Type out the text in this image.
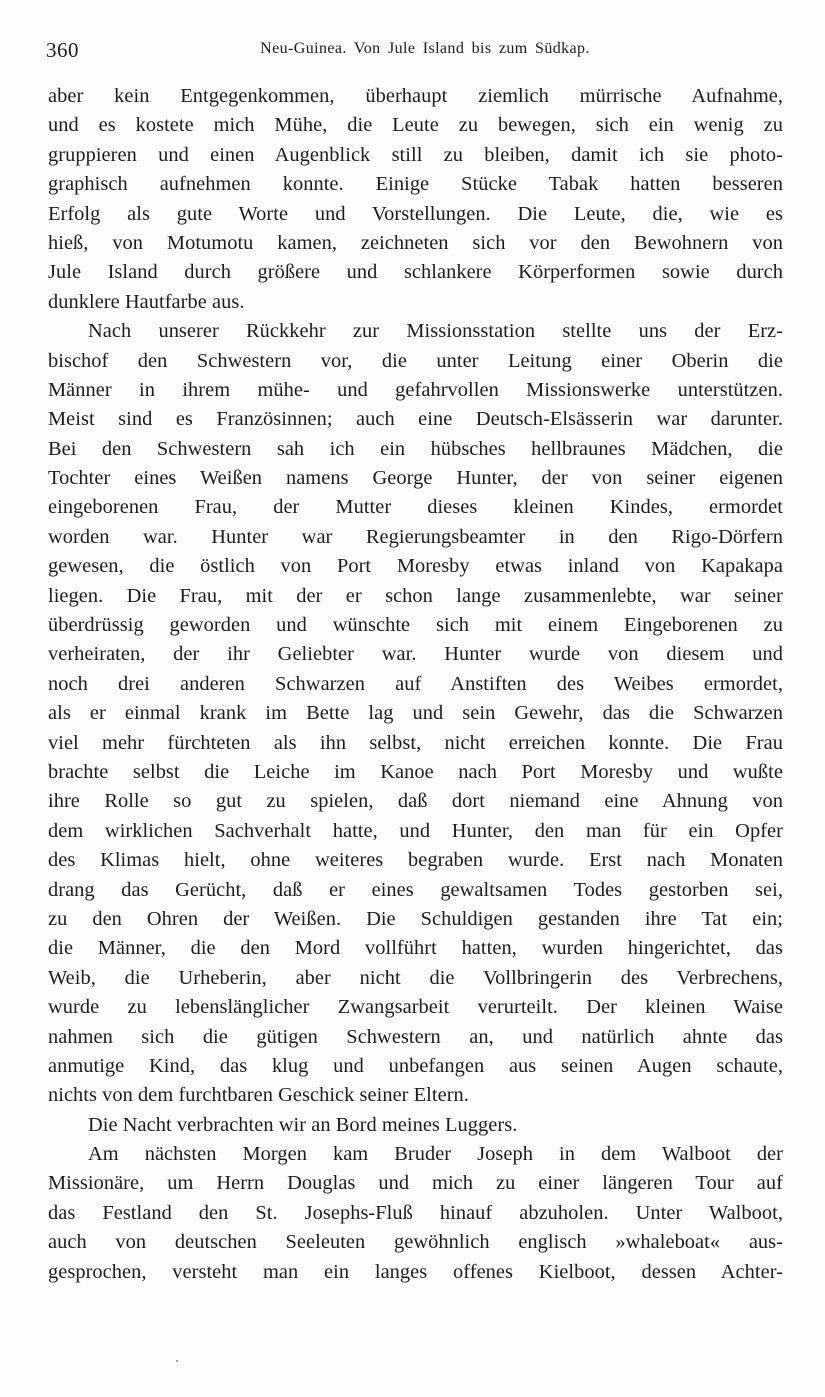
360	Neu-Guinea. Von Jule Island bis zum Südkap.
aber kein Entgegenkommen, überhaupt ziemlich mürrische Aufnahme,
und es kostete mich Mühe, die Leute zu bewegen, sich ein wenig zu
gruppieren und einen Augenblick still zu bleiben, damit ich sie photo-
graphisch aufnehmen konnte. Einige Stücke Tabak hatten besseren
Erfolg als gute Worte und Vorstellungen. Die Leute, die, wie es
hieß, von Motumotu kamen, zeichneten sich vor den Bewohnern von
Jule Island durch größere und schlankere Körperformen sowie durch
dunklere Hautfarbe aus.
Nach unserer Rückkehr zur Missionsstation stellte uns der Erz-
bischof den Schwestern vor, die unter Leitung einer Oberin die
Männer in ihrem mühe- und gefahrvollen Missionswerke unterstützen.
Meist sind es Französinnen; auch eine Deutsch-Elsässerin war darunter.
Bei den Schwestern sah ich ein hübsches hellbraunes Mädchen, die
Tochter eines Weißen namens George Hunter, der von seiner eigenen
eingeborenen Frau, der Mutter dieses kleinen Kindes, ermordet
worden war. Hunter war Regierungsbeamter in den Rigo-Dörfern
gewesen, die östlich von Port Moresby etwas inland von Kapakapa
liegen. Die Frau, mit der er schon lange zusammenlebte, war seiner
überdrüssig geworden und wünschte sich mit einem Eingeborenen zu
verheiraten, der ihr Geliebter war. Hunter wurde von diesem und
noch drei anderen Schwarzen auf Anstiften des Weibes ermordet,
als er einmal krank im Bette lag und sein Gewehr, das die Schwarzen
viel mehr fürchteten als ihn selbst, nicht erreichen konnte. Die Frau
brachte selbst die Leiche im Kanoe nach Port Moresby und wußte
ihre Rolle so gut zu spielen, daß dort niemand eine Ahnung von
dem wirklichen Sachverhalt hatte, und Hunter, den man für ein Opfer
des Klimas hielt, ohne weiteres begraben wurde. Erst nach Monaten
drang das Gerücht, daß er eines gewaltsamen Todes gestorben sei,
zu den Ohren der Weißen. Die Schuldigen gestanden ihre Tat ein;
die Männer, die den Mord vollführt hatten, wurden hingerichtet, das
Weib, die Urheberin, aber nicht die Vollbringerin des Verbrechens,
wurde zu lebenslänglicher Zwangsarbeit verurteilt. Der kleinen Waise
nahmen sich die gütigen Schwestern an, und natürlich ahnte das
anmutige Kind, das klug und unbefangen aus seinen Augen schaute,
nichts von dem furchtbaren Geschick seiner Eltern.
Die Nacht verbrachten wir an Bord meines Luggers.
Am nächsten Morgen kam Bruder Joseph in dem Walboot der
Missionäre, um Herrn Douglas und mich zu einer längeren Tour auf
das Festland den St. Josephs-Fluß hinauf abzuholen. Unter Walboot,
auch von deutschen Seeleuten gewöhnlich englisch »whaleboat« aus-
gesprochen, versteht man ein langes offenes Kielboot, dessen Achter-
